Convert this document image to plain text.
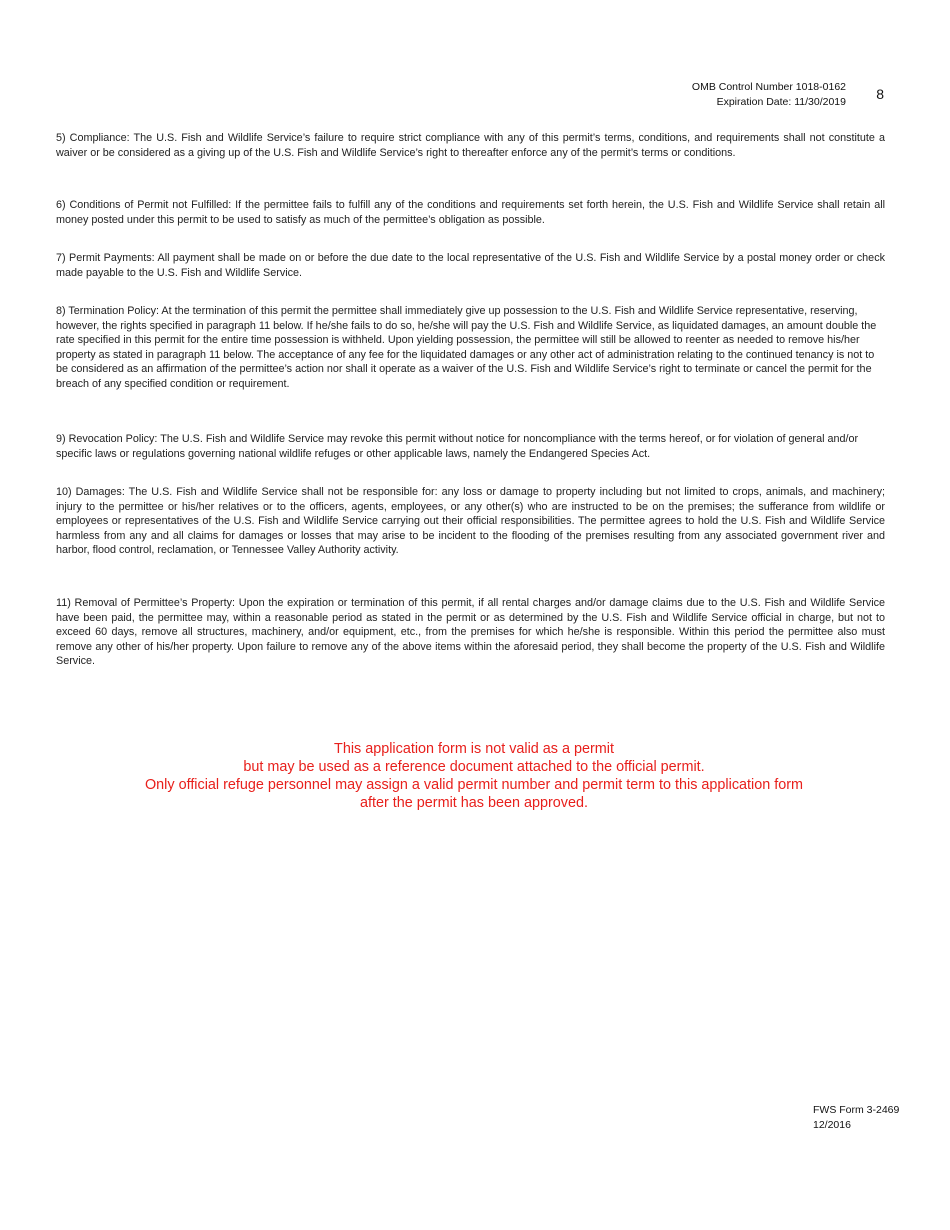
OMB Control Number 1018-0162
Expiration Date: 11/30/2019 8

5) Compliance: The U.S. Fish and Wildlife Service’s failure to require strict compliance with any of this permit’s terms, conditions, and requirements shall not constitute a waiver or be considered as a giving up of the U.S. Fish and Wildlife Service’s right to thereafter enforce any of the permit’s terms or conditions.

6) Conditions of Permit not Fulfilled: If the permittee fails to fulfill any of the conditions and requirements set forth herein, the U.S. Fish and Wildlife Service shall retain all money posted under this permit to be used to satisfy as much of the permittee’s obligation as possible.

7) Permit Payments: All payment shall be made on or before the due date to the local representative of the U.S. Fish and Wildlife Service by a postal money order or check made payable to the U.S. Fish and Wildlife Service.

8) Termination Policy: At the termination of this permit the permittee shall immediately give up possession to the U.S. Fish and Wildlife Service representative, reserving, however, the rights specified in paragraph 11 below. If he/she fails to do so, he/she will pay the U.S. Fish and Wildlife Service, as liquidated damages, an amount double the rate specified in this permit for the entire time possession is withheld. Upon yielding possession, the permittee will still be allowed to reenter as needed to remove his/her property as stated in paragraph 11 below. The acceptance of any fee for the liquidated damages or any other act of administration relating to the continued tenancy is not to be considered as an affirmation of the permittee’s action nor shall it operate as a waiver of the U.S. Fish and Wildlife Service’s right to terminate or cancel the permit for the breach of any specified condition or requirement.

9) Revocation Policy: The U.S. Fish and Wildlife Service may revoke this permit without notice for noncompliance with the terms hereof, or for violation of general and/or specific laws or regulations governing national wildlife refuges or other applicable laws, namely the Endangered Species Act.

10) Damages: The U.S. Fish and Wildlife Service shall not be responsible for: any loss or damage to property including but not limited to crops, animals, and machinery; injury to the permittee or his/her relatives or to the officers, agents, employees, or any other(s) who are instructed to be on the premises; the sufferance from wildlife or employees or representatives of the U.S. Fish and Wildlife Service carrying out their official responsibilities. The permittee agrees to hold the U.S. Fish and Wildlife Service harmless from any and all claims for damages or losses that may arise to be incident to the flooding of the premises resulting from any associated government river and harbor, flood control, reclamation, or Tennessee Valley Authority activity.

11) Removal of Permittee’s Property: Upon the expiration or termination of this permit, if all rental charges and/or damage claims due to the U.S. Fish and Wildlife Service have been paid, the permittee may, within a reasonable period as stated in the permit or as determined by the U.S. Fish and Wildlife Service official in charge, but not to exceed 60 days, remove all structures, machinery, and/or equipment, etc., from the premises for which he/she is responsible. Within this period the permittee also must remove any other of his/her property. Upon failure to remove any of the above items within the aforesaid period, they shall become the property of the U.S. Fish and Wildlife Service.

This application form is not valid as a permit
but may be used as a reference document attached to the official permit.
Only official refuge personnel may assign a valid permit number and permit term to this application form
after the permit has been approved.
FWS Form 3-2469
12/2016
